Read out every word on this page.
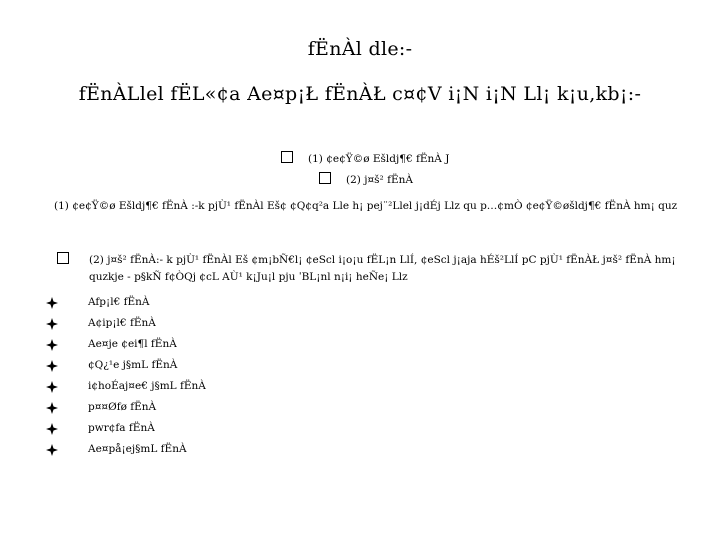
fËnÀl dle:-
fËnÀLlel fËL«¢a Ae¤p¡Ł fËnÀŁ c¤¢V i¡N i¡N Ll¡ k¡u,kb¡:-
(1) ¢e¢Ÿ©ø Ešldj¶€ fËnÀ J
(2) j¤š² fËnÀ
(1) ¢e¢Ÿ©ø Ešldj¶€ fËnÀ :-k pjÙ¹ fËnÀl Eš¢ ¢Q¢q²a Lle h¡ pej¨²Llel j¡dÉj Llz qu p…¢mÒ ¢e¢Ÿ©øšldj¶€ fËnÀ hm¡ quz
(2) j¤š² fËnÀ:- k pjÙ¹ fËnÀl Eš ¢m¡bÑ€l¡ ¢eScl i¡o¡u fËL¡n LlÍ, ¢eScl j¡aja hÉš²LlÍ pC pjÙ¹ fËnÀŁ j¤š² fËnÀ hm¡ quzkje - p§kÑ f¢ÒQj ¢cL AÙ¹ k¡Ju¡l pju ˈBL¡nl n¡i¡ heÑe¡ Llz
Afp¡l€ fËnÀ
A¢ip¡l€ fËnÀ
Ae¤je ¢ei¶l fËnÀ
¢Q¿¹e j§mL fËnÀ
i¢hoÉaj¤e€ j§mL fËnÀ
p¤¤Øfø fËnÀ
pwr¢fa fËnÀ
Ae¤på¡ej§mL fËnÀ
